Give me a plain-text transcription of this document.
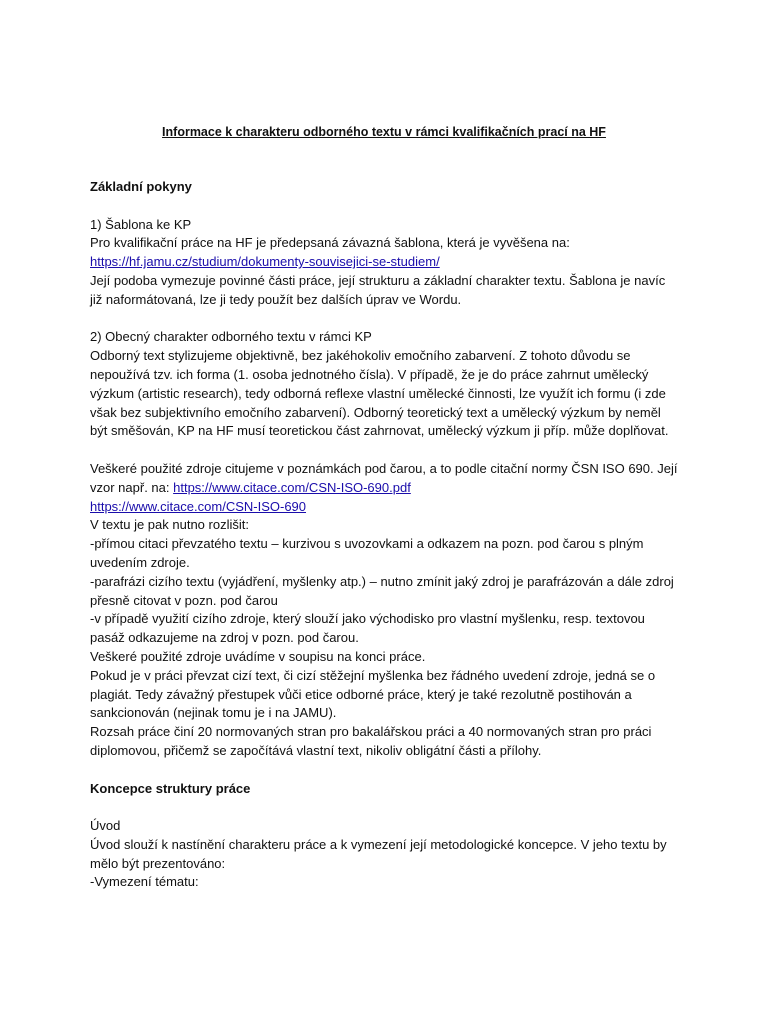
Informace k charakteru odborného textu v rámci kvalifikačních prací na HF
Základní pokyny
1) Šablona ke KP
Pro kvalifikační práce na HF je předepsaná závazná šablona, která je vyvěšena na:
https://hf.jamu.cz/studium/dokumenty-souvisejici-se-studiem/
Její podoba vymezuje povinné části práce, její strukturu a základní charakter textu. Šablona je navíc
již naformátovaná, lze ji tedy použít bez dalších úprav ve Wordu.
2) Obecný charakter odborného textu v rámci KP
Odborný text stylizujeme objektivně, bez jakéhokoliv emočního zabarvení. Z tohoto důvodu se
nepoužívá tzv. ich forma (1. osoba jednotného čísla). V případě, že je do práce zahrnut umělecký
výzkum (artistic research), tedy odborná reflexe vlastní umělecké činnosti, lze využít ich formu (i zde
však bez subjektivního emočního zabarvení). Odborný teoretický text a umělecký výzkum by neměl
být směšován, KP na HF musí teoretickou část zahrnovat, umělecký výzkum ji příp. může doplňovat.
Veškeré použité zdroje citujeme v poznámkách pod čarou, a to podle citační normy ČSN ISO 690. Její
vzor např. na: https://www.citace.com/CSN-ISO-690.pdf
https://www.citace.com/CSN-ISO-690
V textu je pak nutno rozlišit:
-přímou citaci převzatého textu – kurzivou s uvozovkami a odkazem na pozn. pod čarou s plným
uvedením zdroje.
-parafrázi cizího textu (vyjádření, myšlenky atp.) – nutno zmínit jaký zdroj je parafrázován a dále zdroj
přesně citovat v pozn. pod čarou
-v případě využití cizího zdroje, který slouží jako východisko pro vlastní myšlenku, resp. textovou
pasáž odkazujeme na zdroj v pozn. pod čarou.
Veškeré použité zdroje uvádíme v soupisu na konci práce.
Pokud je v práci převzat cizí text, či cizí stěžejní myšlenka bez řádného uvedení zdroje, jedná se o
plagiát. Tedy závažný přestupek vůči etice odborné práce, který je také rezolutně postihován a
sankcionován (nejinak tomu je i na JAMU).
Rozsah práce činí 20 normovaných stran pro bakalářskou práci a 40 normovaných stran pro práci
diplomovou, přičemž se započítává vlastní text, nikoliv obligátní části a přílohy.
Koncepce struktury práce
Úvod
Úvod slouží k nastínění charakteru práce a k vymezení její metodologické koncepce. V jeho textu by
mělo být prezentováno:
-Vymezení tématu:
